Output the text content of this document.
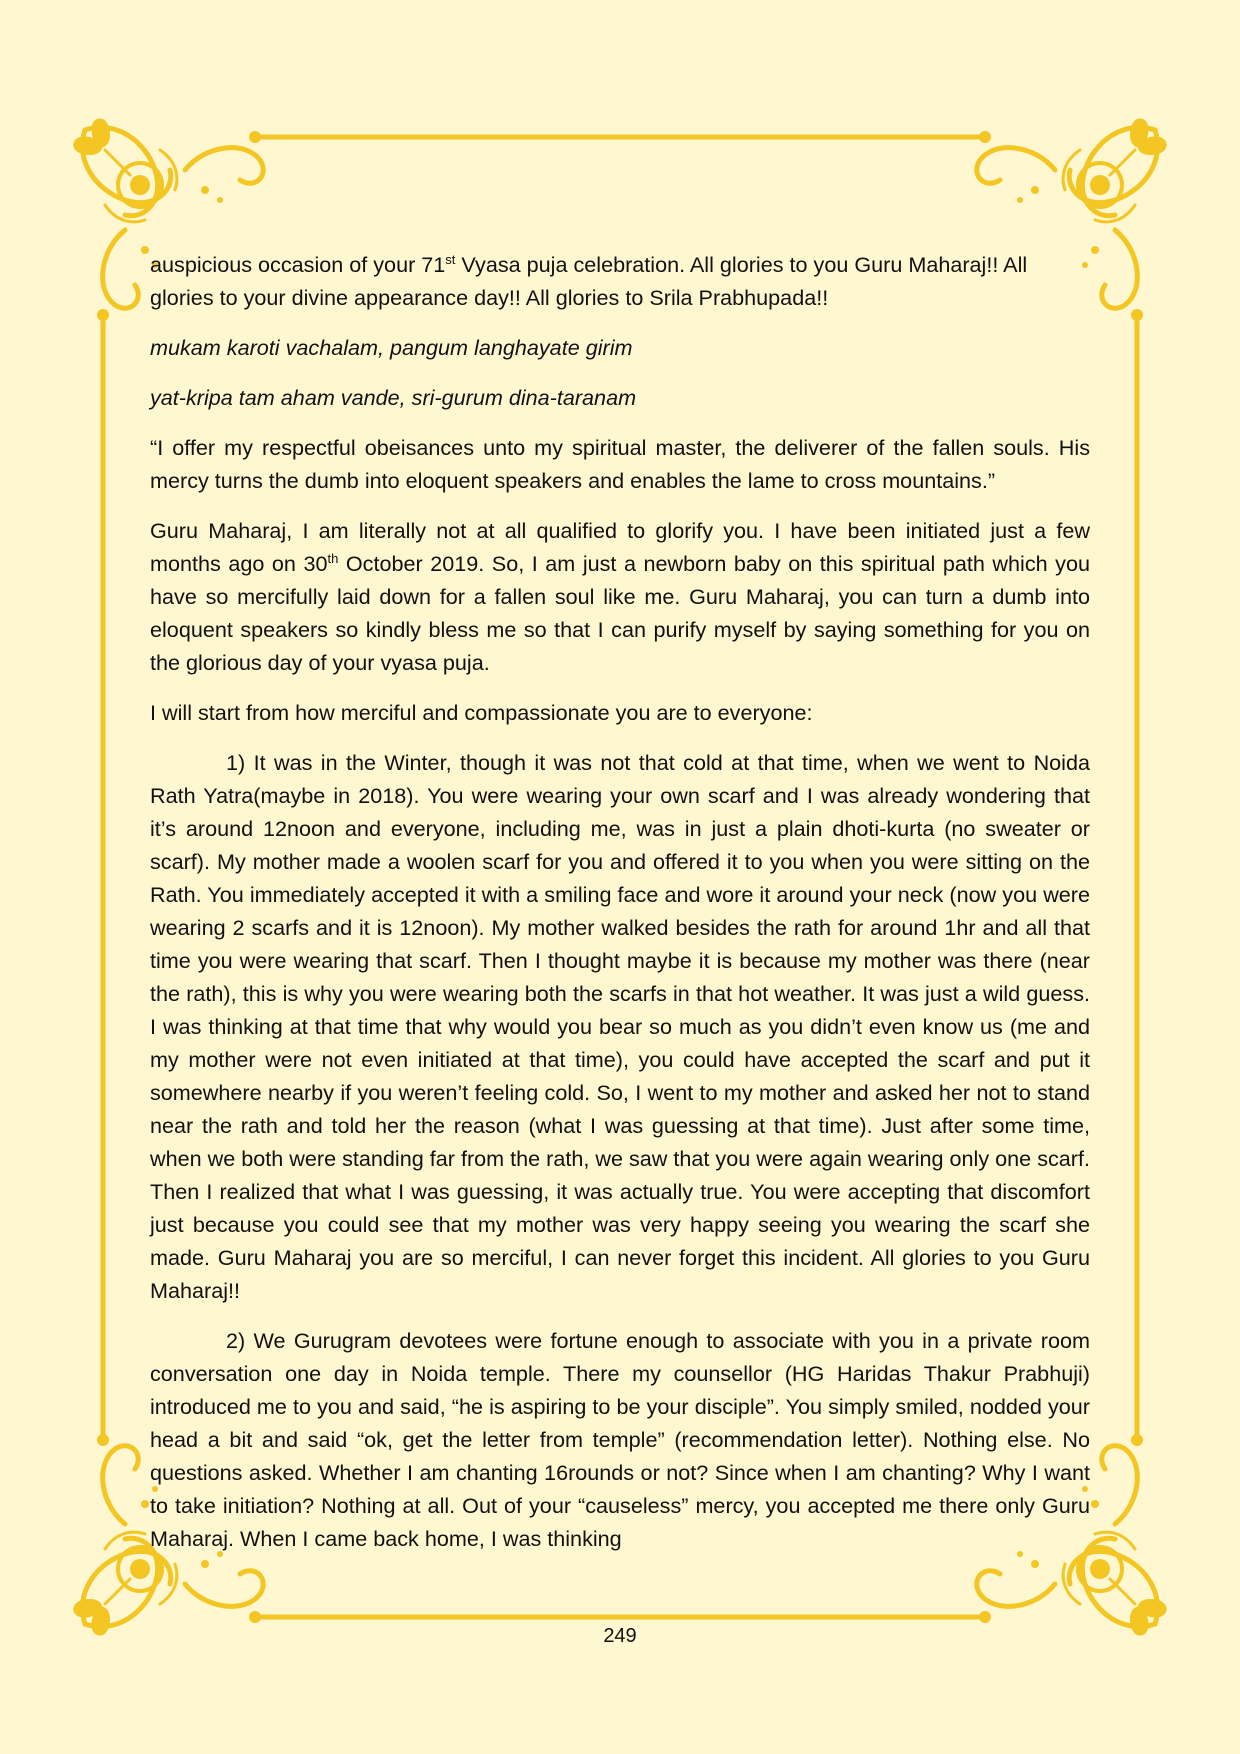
auspicious occasion of your 71st Vyasa puja celebration. All glories to you Guru Maharaj!! All glories to your divine appearance day!! All glories to Srila Prabhupada!!

mukam karoti vachalam, pangum langhayate girim

yat-kripa tam aham vande, sri-gurum dina-taranam

“I offer my respectful obeisances unto my spiritual master, the deliverer of the fallen souls. His mercy turns the dumb into eloquent speakers and enables the lame to cross mountains.”

Guru Maharaj, I am literally not at all qualified to glorify you. I have been initiated just a few months ago on 30th October 2019. So, I am just a newborn baby on this spiritual path which you have so mercifully laid down for a fallen soul like me. Guru Maharaj, you can turn a dumb into eloquent speakers so kindly bless me so that I can purify myself by saying something for you on the glorious day of your vyasa puja.

I will start from how merciful and compassionate you are to everyone:

1) It was in the Winter, though it was not that cold at that time, when we went to Noida Rath Yatra(maybe in 2018). You were wearing your own scarf and I was already wondering that it’s around 12noon and everyone, including me, was in just a plain dhoti-kurta (no sweater or scarf). My mother made a woolen scarf for you and offered it to you when you were sitting on the Rath. You immediately accepted it with a smiling face and wore it around your neck (now you were wearing 2 scarfs and it is 12noon). My mother walked besides the rath for around 1hr and all that time you were wearing that scarf. Then I thought maybe it is because my mother was there (near the rath), this is why you were wearing both the scarfs in that hot weather. It was just a wild guess. I was thinking at that time that why would you bear so much as you didn’t even know us (me and my mother were not even initiated at that time), you could have accepted the scarf and put it somewhere nearby if you weren’t feeling cold. So, I went to my mother and asked her not to stand near the rath and told her the reason (what I was guessing at that time). Just after some time, when we both were standing far from the rath, we saw that you were again wearing only one scarf. Then I realized that what I was guessing, it was actually true. You were accepting that discomfort just because you could see that my mother was very happy seeing you wearing the scarf she made. Guru Maharaj you are so merciful, I can never forget this incident. All glories to you Guru Maharaj!!

2) We Gurugram devotees were fortune enough to associate with you in a private room conversation one day in Noida temple. There my counsellor (HG Haridas Thakur Prabhuji) introduced me to you and said, “he is aspiring to be your disciple”. You simply smiled, nodded your head a bit and said “ok, get the letter from temple” (recommendation letter). Nothing else. No questions asked. Whether I am chanting 16rounds or not? Since when I am chanting? Why I want to take initiation? Nothing at all. Out of your “causeless” mercy, you accepted me there only Guru Maharaj. When I came back home, I was thinking

249
